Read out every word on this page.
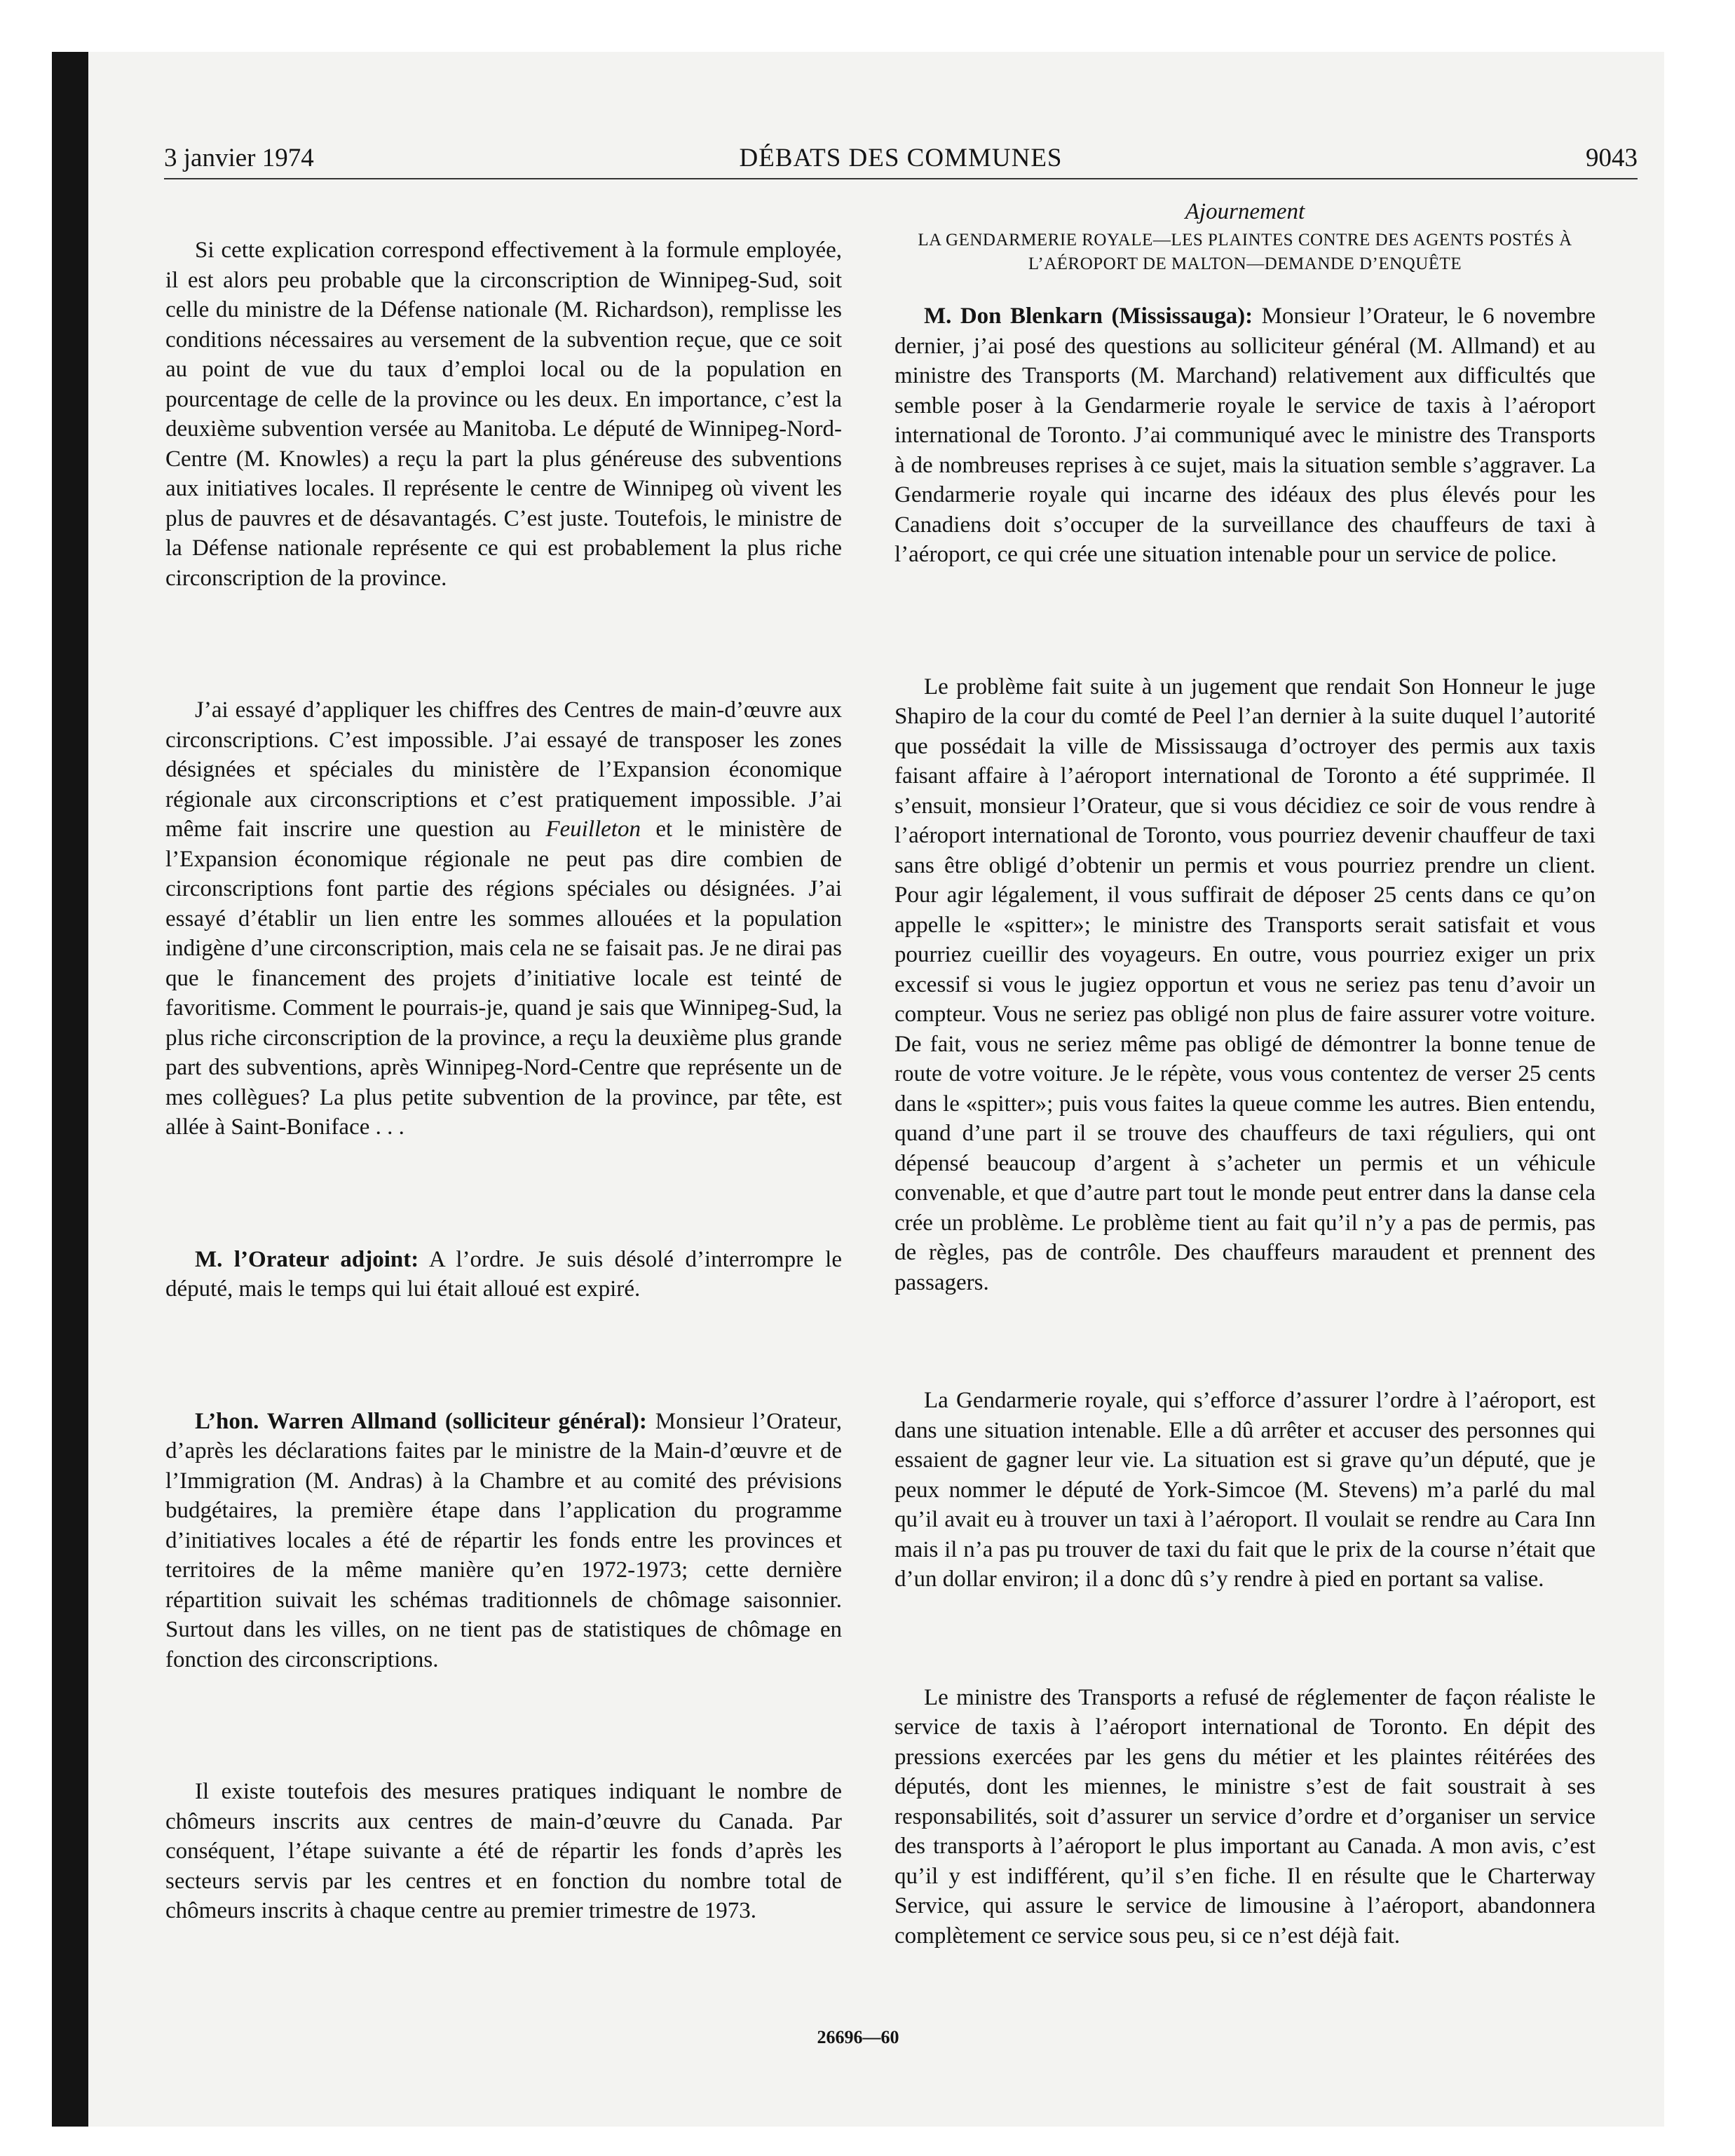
3 janvier 1974	DÉBATS DES COMMUNES	9043

Si cette explication correspond effectivement à la formule employée, il est alors peu probable que la circonscription de Winnipeg-Sud, soit celle du ministre de la Défense nationale (M. Richardson), remplisse les conditions nécessaires au versement de la subvention reçue, que ce soit au point de vue du taux d’emploi local ou de la population en pourcentage de celle de la province ou les deux. En importance, c’est la deuxième subvention versée au Manitoba. Le député de Winnipeg-Nord-Centre (M. Knowles) a reçu la part la plus généreuse des subventions aux initiatives locales. Il représente le centre de Winnipeg où vivent les plus de pauvres et de désavantagés. C’est juste. Toutefois, le ministre de la Défense nationale représente ce qui est probablement la plus riche circonscription de la province.

J’ai essayé d’appliquer les chiffres des Centres de main-d’œuvre aux circonscriptions. C’est impossible. J’ai essayé de transposer les zones désignées et spéciales du ministère de l’Expansion économique régionale aux circonscriptions et c’est pratiquement impossible. J’ai même fait inscrire une question au Feuilleton et le ministère de l’Expansion économique régionale ne peut pas dire combien de circonscriptions font partie des régions spéciales ou désignées. J’ai essayé d’établir un lien entre les sommes allouées et la population indigène d’une circonscription, mais cela ne se faisait pas. Je ne dirai pas que le financement des projets d’initiative locale est teinté de favoritisme. Comment le pourrais-je, quand je sais que Winnipeg-Sud, la plus riche circonscription de la province, a reçu la deuxième plus grande part des subventions, après Winnipeg-Nord-Centre que représente un de mes collègues? La plus petite subvention de la province, par tête, est allée à Saint-Boniface . . .

M. l’Orateur adjoint: A l’ordre. Je suis désolé d’interrompre le député, mais le temps qui lui était alloué est expiré.

L’hon. Warren Allmand (solliciteur général): Monsieur l’Orateur, d’après les déclarations faites par le ministre de la Main-d’œuvre et de l’Immigration (M. Andras) à la Chambre et au comité des prévisions budgétaires, la première étape dans l’application du programme d’initiatives locales a été de répartir les fonds entre les provinces et territoires de la même manière qu’en 1972-1973; cette dernière répartition suivait les schémas traditionnels de chômage saisonnier. Surtout dans les villes, on ne tient pas de statistiques de chômage en fonction des circonscriptions.

Il existe toutefois des mesures pratiques indiquant le nombre de chômeurs inscrits aux centres de main-d’œuvre du Canada. Par conséquent, l’étape suivante a été de répartir les fonds d’après les secteurs servis par les centres et en fonction du nombre total de chômeurs inscrits à chaque centre au premier trimestre de 1973.

Ajournement
LA GENDARMERIE ROYALE—LES PLAINTES CONTRE DES AGENTS POSTÉS À L’AÉROPORT DE MALTON—DEMANDE D’ENQUÊTE

M. Don Blenkarn (Mississauga): Monsieur l’Orateur, le 6 novembre dernier, j’ai posé des questions au solliciteur général (M. Allmand) et au ministre des Transports (M. Marchand) relativement aux difficultés que semble poser à la Gendarmerie royale le service de taxis à l’aéroport international de Toronto. J’ai communiqué avec le ministre des Transports à de nombreuses reprises à ce sujet, mais la situation semble s’aggraver. La Gendarmerie royale qui incarne des idéaux des plus élevés pour les Canadiens doit s’occuper de la surveillance des chauffeurs de taxi à l’aéroport, ce qui crée une situation intenable pour un service de police.

Le problème fait suite à un jugement que rendait Son Honneur le juge Shapiro de la cour du comté de Peel l’an dernier à la suite duquel l’autorité que possédait la ville de Mississauga d’octroyer des permis aux taxis faisant affaire à l’aéroport international de Toronto a été supprimée. Il s’ensuit, monsieur l’Orateur, que si vous décidiez ce soir de vous rendre à l’aéroport international de Toronto, vous pourriez devenir chauffeur de taxi sans être obligé d’obtenir un permis et vous pourriez prendre un client. Pour agir légalement, il vous suffirait de déposer 25 cents dans ce qu’on appelle le «spitter»; le ministre des Transports serait satisfait et vous pourriez cueillir des voyageurs. En outre, vous pourriez exiger un prix excessif si vous le jugiez opportun et vous ne seriez pas tenu d’avoir un compteur. Vous ne seriez pas obligé non plus de faire assurer votre voiture. De fait, vous ne seriez même pas obligé de démontrer la bonne tenue de route de votre voiture. Je le répète, vous vous contentez de verser 25 cents dans le «spitter»; puis vous faites la queue comme les autres. Bien entendu, quand d’une part il se trouve des chauffeurs de taxi réguliers, qui ont dépensé beaucoup d’argent à s’acheter un permis et un véhicule convenable, et que d’autre part tout le monde peut entrer dans la danse cela crée un problème. Le problème tient au fait qu’il n’y a pas de permis, pas de règles, pas de contrôle. Des chauffeurs maraudent et prennent des passagers.

La Gendarmerie royale, qui s’efforce d’assurer l’ordre à l’aéroport, est dans une situation intenable. Elle a dû arrêter et accuser des personnes qui essaient de gagner leur vie. La situation est si grave qu’un député, que je peux nommer le député de York-Simcoe (M. Stevens) m’a parlé du mal qu’il avait eu à trouver un taxi à l’aéroport. Il voulait se rendre au Cara Inn mais il n’a pas pu trouver de taxi du fait que le prix de la course n’était que d’un dollar environ; il a donc dû s’y rendre à pied en portant sa valise.

Le ministre des Transports a refusé de réglementer de façon réaliste le service de taxis à l’aéroport international de Toronto. En dépit des pressions exercées par les gens du métier et les plaintes réitérées des députés, dont les miennes, le ministre s’est de fait soustrait à ses responsabilités, soit d’assurer un service d’ordre et d’organiser un service des transports à l’aéroport le plus important au Canada. A mon avis, c’est qu’il y est indifférent, qu’il s’en fiche. Il en résulte que le Charterway Service, qui assure le service de limousine à l’aéroport, abandonnera complètement ce service sous peu, si ce n’est déjà fait.

26696—60
